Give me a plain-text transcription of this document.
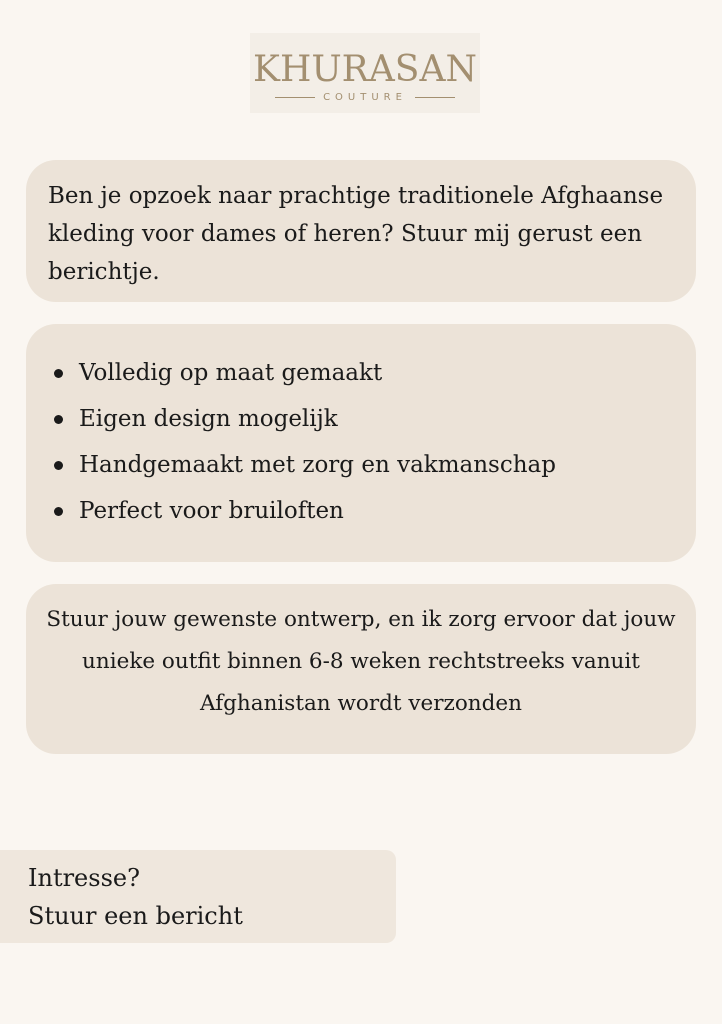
KHURASAN
COUTURE
Ben je opzoek naar prachtige traditionele Afghaanse kleding voor dames of heren? Stuur mij gerust een berichtje.
Volledig op maat gemaakt
Eigen design mogelijk
Handgemaakt met zorg en vakmanschap
Perfect voor bruiloften
Stuur jouw gewenste ontwerp, en ik zorg ervoor dat jouw unieke outfit binnen 6-8 weken rechtstreeks vanuit Afghanistan wordt verzonden
Intresse?
Stuur een bericht
